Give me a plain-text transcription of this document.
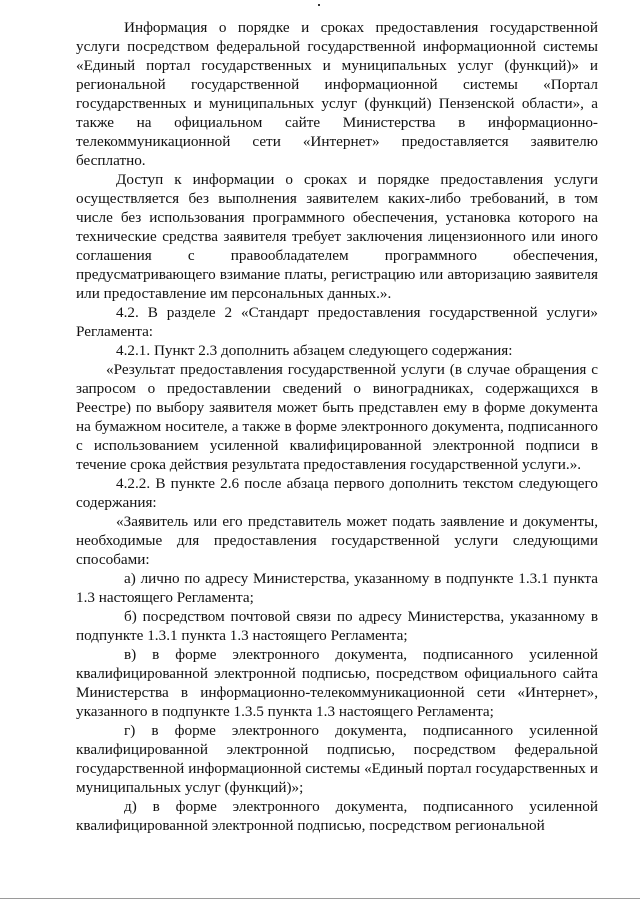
Информация о порядке и сроках предоставления государственной услуги посредством федеральной государственной информационной системы «Единый портал государственных и муниципальных услуг (функций)» и региональной государственной информационной системы «Портал государственных и муниципальных услуг (функций) Пензенской области», а также на официальном сайте Министерства в информационно-телекоммуникационной сети «Интернет» предоставляется заявителю бесплатно.

Доступ к информации о сроках и порядке предоставления услуги осуществляется без выполнения заявителем каких-либо требований, в том числе без использования программного обеспечения, установка которого на технические средства заявителя требует заключения лицензионного или иного соглашения с правообладателем программного обеспечения, предусматривающего взимание платы, регистрацию или авторизацию заявителя или предоставление им персональных данных.».

4.2. В разделе 2 «Стандарт предоставления государственной услуги» Регламента:

4.2.1. Пункт 2.3 дополнить абзацем следующего содержания:

«Результат предоставления государственной услуги (в случае обращения с запросом о предоставлении сведений о виноградниках, содержащихся в Реестре) по выбору заявителя может быть представлен ему в форме документа на бумажном носителе, а также в форме электронного документа, подписанного с использованием усиленной квалифицированной электронной подписи в течение срока действия результата предоставления государственной услуги.».

4.2.2. В пункте 2.6 после абзаца первого дополнить текстом следующего содержания:

«Заявитель или его представитель может подать заявление и документы, необходимые для предоставления государственной услуги следующими способами:

а) лично по адресу Министерства, указанному в подпункте 1.3.1 пункта 1.3 настоящего Регламента;

б) посредством почтовой связи по адресу Министерства, указанному в подпункте 1.3.1 пункта 1.3 настоящего Регламента;

в) в форме электронного документа, подписанного усиленной квалифицированной электронной подписью, посредством официального сайта Министерства в информационно-телекоммуникационной сети «Интернет», указанного в подпункте 1.3.5 пункта 1.3 настоящего Регламента;

г) в форме электронного документа, подписанного усиленной квалифицированной электронной подписью, посредством федеральной государственной информационной системы «Единый портал государственных и муниципальных услуг (функций)»;

д) в форме электронного документа, подписанного усиленной квалифицированной электронной подписью, посредством региональной
